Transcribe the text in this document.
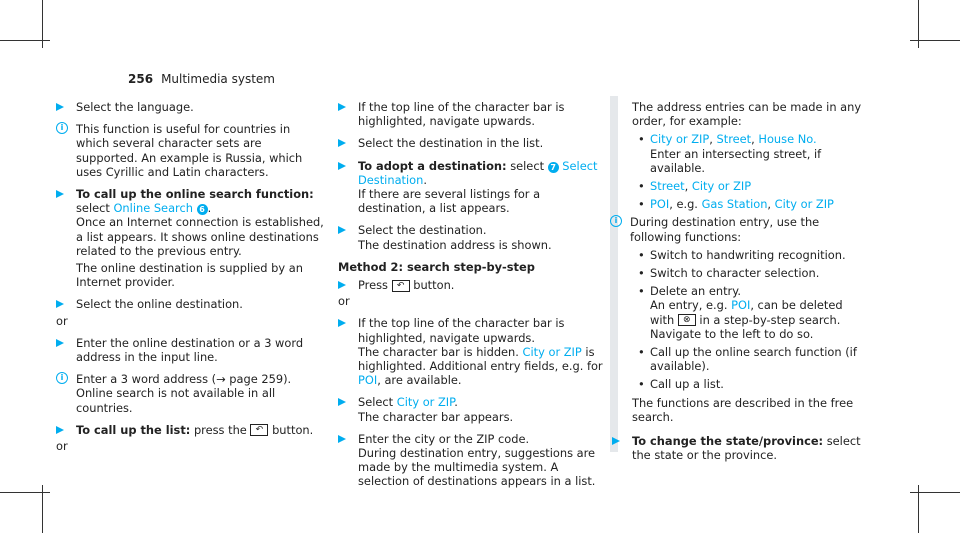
256 Multimedia system

Select the language.

i	This function is useful for countries in which several character sets are supported. An example is Russia, which uses Cyrillic and Latin characters.

To call up the online search function:

select Online Search 6 .

Once an Internet connection is established, a list appears. It shows online destinations related to the previous entry.

The online destination is supplied by an Internet provider.

Select the online destination.

or

Enter the online destination or a 3 word address in the input line.

i	Enter a 3 word address (→ page 259). Online search is not available in all countries.

To call up the list: press the ↶ button.

or

If the top line of the character bar is highlighted, navigate upwards.

Select the destination in the list.

To adopt a destination: select 7 Select Destination.

If there are several listings for a destination, a list appears.

Select the destination.

The destination address is shown.

Method 2: search step-by-step

Press ↶ button.

or

If the top line of the character bar is highlighted, navigate upwards.

The character bar is hidden. City or ZIP is highlighted. Additional entry fields, e.g. for POI, are available.

Select City or ZIP.

The character bar appears.

Enter the city or the ZIP code.

During destination entry, suggestions are made by the multimedia system. A selection of destinations appears in a list.

The address entries can be made in any order, for example:

• City or ZIP, Street, House No.
Enter an intersecting street, if available.
• Street, City or ZIP
• POI, e.g. Gas Station, City or ZIP
i	During destination entry, use the following functions:

• Switch to handwriting recognition.
• Switch to character selection.
• Delete an entry.
An entry, e.g. POI, can be deleted with ⊗ in a step-by-step search. Navigate to the left to do so.
• Call up the online search function (if available).
• Call up a list.

The functions are described in the free search.

To change the state/province: select the state or the province.
